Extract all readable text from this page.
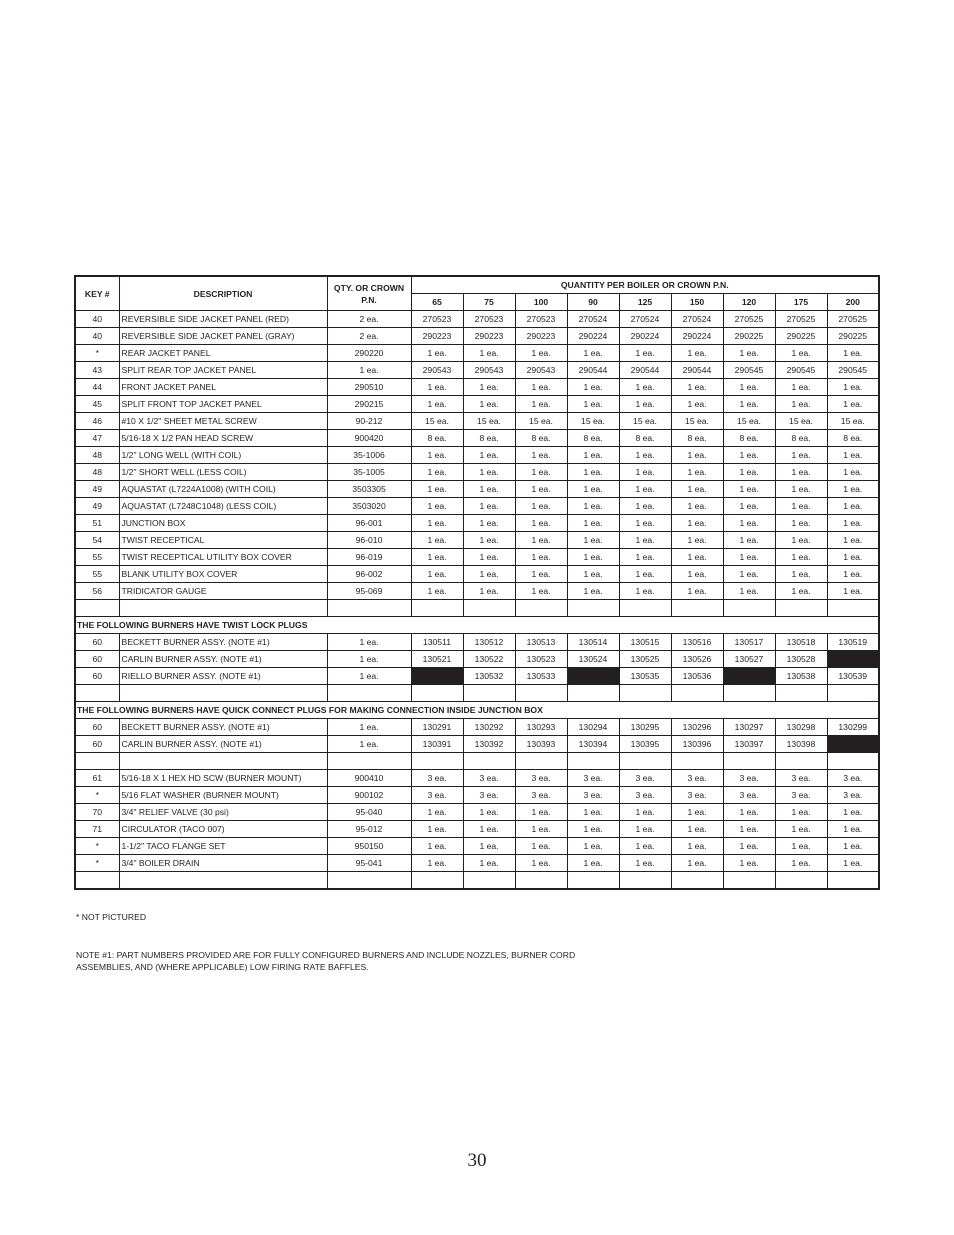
KEY #	DESCRIPTION	QTY. OR CROWN P.N.	QUANTITY PER BOILER OR CROWN P.N.								
			65	75	100	90	125	150	120	175	200
40	REVERSIBLE SIDE JACKET PANEL (RED)	2 ea.	270523	270523	270523	270524	270524	270524	270525	270525	270525
40	REVERSIBLE SIDE JACKET PANEL (GRAY)	2 ea.	290223	290223	290223	290224	290224	290224	290225	290225	290225
*	REAR JACKET PANEL	290220	1 ea.	1 ea.	1 ea.	1 ea.	1 ea.	1 ea.	1 ea.	1 ea.	1 ea.
43	SPLIT REAR TOP JACKET PANEL	1 ea.	290543	290543	290543	290544	290544	290544	290545	290545	290545
44	FRONT JACKET PANEL	290510	1 ea.	1 ea.	1 ea.	1 ea.	1 ea.	1 ea.	1 ea.	1 ea.	1 ea.
45	SPLIT FRONT TOP JACKET PANEL	290215	1 ea.	1 ea.	1 ea.	1 ea.	1 ea.	1 ea.	1 ea.	1 ea.	1 ea.
46	#10 X 1/2" SHEET METAL SCREW	90-212	15 ea.	15 ea.	15 ea.	15 ea.	15 ea.	15 ea.	15 ea.	15 ea.	15 ea.
47	5/16-18 X 1/2 PAN HEAD SCREW	900420	8 ea.	8 ea.	8 ea.	8 ea.	8 ea.	8 ea.	8 ea.	8 ea.	8 ea.
48	1/2" LONG WELL (WITH COIL)	35-1006	1 ea.	1 ea.	1 ea.	1 ea.	1 ea.	1 ea.	1 ea.	1 ea.	1 ea.
48	1/2" SHORT WELL (LESS COIL)	35-1005	1 ea.	1 ea.	1 ea.	1 ea.	1 ea.	1 ea.	1 ea.	1 ea.	1 ea.
49	AQUASTAT (L7224A1008) (WITH COIL)	3503305	1 ea.	1 ea.	1 ea.	1 ea.	1 ea.	1 ea.	1 ea.	1 ea.	1 ea.
49	AQUASTAT (L7248C1048) (LESS COIL)	3503020	1 ea.	1 ea.	1 ea.	1 ea.	1 ea.	1 ea.	1 ea.	1 ea.	1 ea.
51	JUNCTION BOX	96-001	1 ea.	1 ea.	1 ea.	1 ea.	1 ea.	1 ea.	1 ea.	1 ea.	1 ea.
54	TWIST RECEPTICAL	96-010	1 ea.	1 ea.	1 ea.	1 ea.	1 ea.	1 ea.	1 ea.	1 ea.	1 ea.
55	TWIST RECEPTICAL UTILITY BOX COVER	96-019	1 ea.	1 ea.	1 ea.	1 ea.	1 ea.	1 ea.	1 ea.	1 ea.	1 ea.
55	BLANK UTILITY BOX COVER	96-002	1 ea.	1 ea.	1 ea.	1 ea.	1 ea.	1 ea.	1 ea.	1 ea.	1 ea.
56	TRIDICATOR GAUGE	95-069	1 ea.	1 ea.	1 ea.	1 ea.	1 ea.	1 ea.	1 ea.	1 ea.	1 ea.

THE FOLLOWING BURNERS HAVE TWIST LOCK PLUGS											
60	BECKETT BURNER ASSY. (NOTE #1)	1 ea.	130511	130512	130513	130514	130515	130516	130517	130518	130519
60	CARLIN BURNER ASSY. (NOTE #1)	1 ea.	130521	130522	130523	130524	130525	130526	130527	130528	
60	RIELLO BURNER ASSY. (NOTE #1)	1 ea.		130532	130533		130535	130536		130538	130539

THE FOLLOWING BURNERS HAVE QUICK CONNECT PLUGS FOR MAKING CONNECTION INSIDE JUNCTION BOX											
60	BECKETT BURNER ASSY. (NOTE #1)	1 ea.	130291	130292	130293	130294	130295	130296	130297	130298	130299
60	CARLIN BURNER ASSY. (NOTE #1)	1 ea.	130391	130392	130393	130394	130395	130396	130397	130398	

61	5/16-18 X 1 HEX HD SCW (BURNER MOUNT)	900410	3 ea.	3 ea.	3 ea.	3 ea.	3 ea.	3 ea.	3 ea.	3 ea.	3 ea.
*	5/16 FLAT WASHER (BURNER MOUNT)	900102	3 ea.	3 ea.	3 ea.	3 ea.	3 ea.	3 ea.	3 ea.	3 ea.	3 ea.
70	3/4" RELIEF VALVE (30 psi)	95-040	1 ea.	1 ea.	1 ea.	1 ea.	1 ea.	1 ea.	1 ea.	1 ea.	1 ea.
71	CIRCULATOR (TACO 007)	95-012	1 ea.	1 ea.	1 ea.	1 ea.	1 ea.	1 ea.	1 ea.	1 ea.	1 ea.
*	1-1/2" TACO FLANGE SET	950150	1 ea.	1 ea.	1 ea.	1 ea.	1 ea.	1 ea.	1 ea.	1 ea.	1 ea.
*	3/4" BOILER DRAIN	95-041	1 ea.	1 ea.	1 ea.	1 ea.	1 ea.	1 ea.	1 ea.	1 ea.	1 ea.

* NOT PICTURED
NOTE #1: PART NUMBERS PROVIDED ARE FOR FULLY CONFIGURED BURNERS AND INCLUDE NOZZLES, BURNER CORD
ASSEMBLIES, AND (WHERE APPLICABLE) LOW FIRING RATE BAFFLES.
30
